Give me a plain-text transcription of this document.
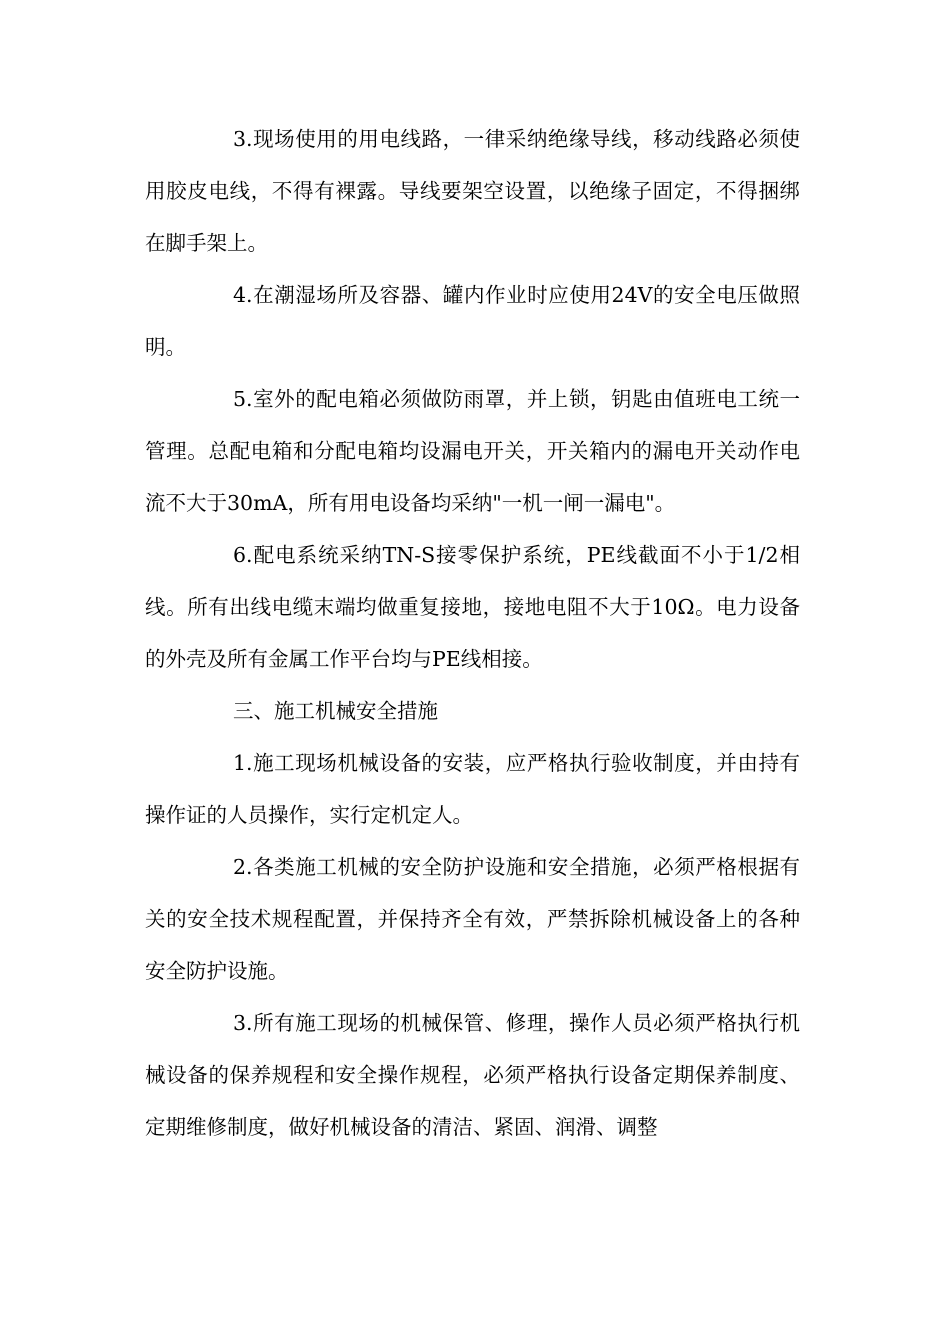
3.现场使用的用电线路，一律采纳绝缘导线，移动线路必须使用胶皮电线，不得有裸露。导线要架空设置，以绝缘子固定，不得捆绑在脚手架上。

4.在潮湿场所及容器、罐内作业时应使用24V的安全电压做照明。

5.室外的配电箱必须做防雨罩，并上锁，钥匙由值班电工统一管理。总配电箱和分配电箱均设漏电开关，开关箱内的漏电开关动作电流不大于30mA，所有用电设备均采纳"一机一闸一漏电"。

6.配电系统采纳TN-S接零保护系统，PE线截面不小于1/2相线。所有出线电缆末端均做重复接地，接地电阻不大于10Ω。电力设备的外壳及所有金属工作平台均与PE线相接。

三、施工机械安全措施

1.施工现场机械设备的安装，应严格执行验收制度，并由持有操作证的人员操作，实行定机定人。

2.各类施工机械的安全防护设施和安全措施，必须严格根据有关的安全技术规程配置，并保持齐全有效，严禁拆除机械设备上的各种安全防护设施。

3.所有施工现场的机械保管、修理，操作人员必须严格执行机械设备的保养规程和安全操作规程，必须严格执行设备定期保养制度、定期维修制度，做好机械设备的清洁、紧固、润滑、调整
